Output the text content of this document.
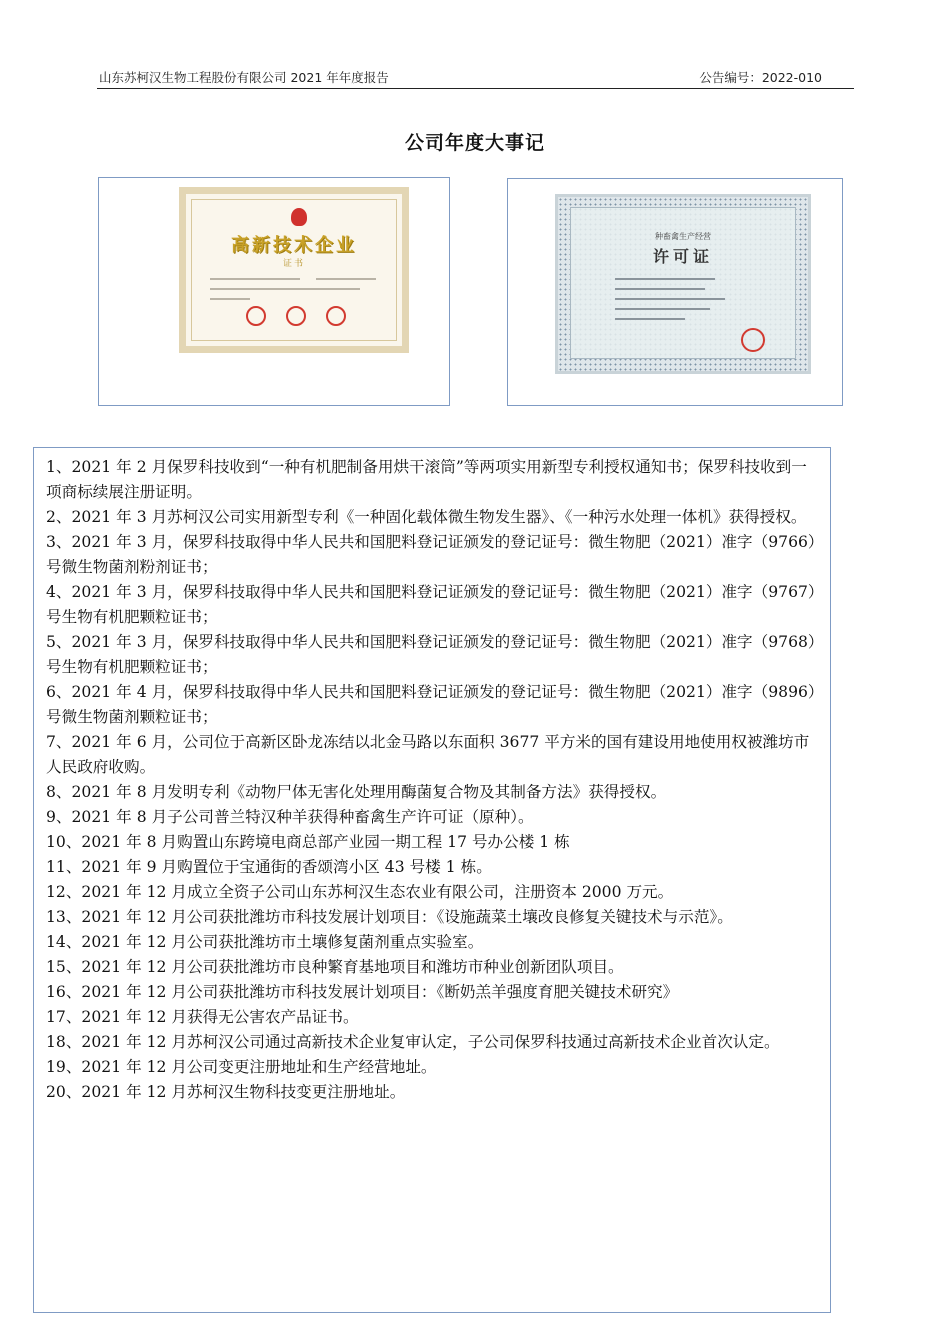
山东苏柯汉生物工程股份有限公司 2021 年年度报告	公告编号：2022-010
公司年度大事记
高新技术企业
证书
种畜禽生产经营
许可证
1、2021 年 2 月保罗科技收到“一种有机肥制备用烘干滚筒”等两项实用新型专利授权通知书；保罗科技收到一项商标续展注册证明。
2、2021 年 3 月苏柯汉公司实用新型专利《一种固化载体微生物发生器》、《一种污水处理一体机》获得授权。
3、2021 年 3 月，保罗科技取得中华人民共和国肥料登记证颁发的登记证号：微生物肥（2021）准字（9766）号微生物菌剂粉剂证书；
4、2021 年 3 月，保罗科技取得中华人民共和国肥料登记证颁发的登记证号：微生物肥（2021）准字（9767）号生物有机肥颗粒证书；
5、2021 年 3 月，保罗科技取得中华人民共和国肥料登记证颁发的登记证号：微生物肥（2021）准字（9768）号生物有机肥颗粒证书；
6、2021 年 4 月，保罗科技取得中华人民共和国肥料登记证颁发的登记证号：微生物肥（2021）准字（9896）号微生物菌剂颗粒证书；
7、2021 年 6 月，公司位于高新区卧龙冻结以北金马路以东面积 3677 平方米的国有建设用地使用权被潍坊市人民政府收购。
8、2021 年 8 月发明专利《动物尸体无害化处理用酶菌复合物及其制备方法》获得授权。
9、2021 年 8 月子公司普兰特汉种羊获得种畜禽生产许可证（原种）。
10、2021 年 8 月购置山东跨境电商总部产业园一期工程 17 号办公楼 1 栋
11、2021 年 9 月购置位于宝通街的香颂湾小区 43 号楼 1 栋。
12、2021 年 12 月成立全资子公司山东苏柯汉生态农业有限公司，注册资本 2000 万元。
13、2021 年 12 月公司获批潍坊市科技发展计划项目：《设施蔬菜土壤改良修复关键技术与示范》。
14、2021 年 12 月公司获批潍坊市土壤修复菌剂重点实验室。
15、2021 年 12 月公司获批潍坊市良种繁育基地项目和潍坊市种业创新团队项目。
16、2021 年 12 月公司获批潍坊市科技发展计划项目：《断奶羔羊强度育肥关键技术研究》
17、2021 年 12 月获得无公害农产品证书。
18、2021 年 12 月苏柯汉公司通过高新技术企业复审认定，子公司保罗科技通过高新技术企业首次认定。
19、2021 年 12 月公司变更注册地址和生产经营地址。
20、2021 年 12 月苏柯汉生物科技变更注册地址。
